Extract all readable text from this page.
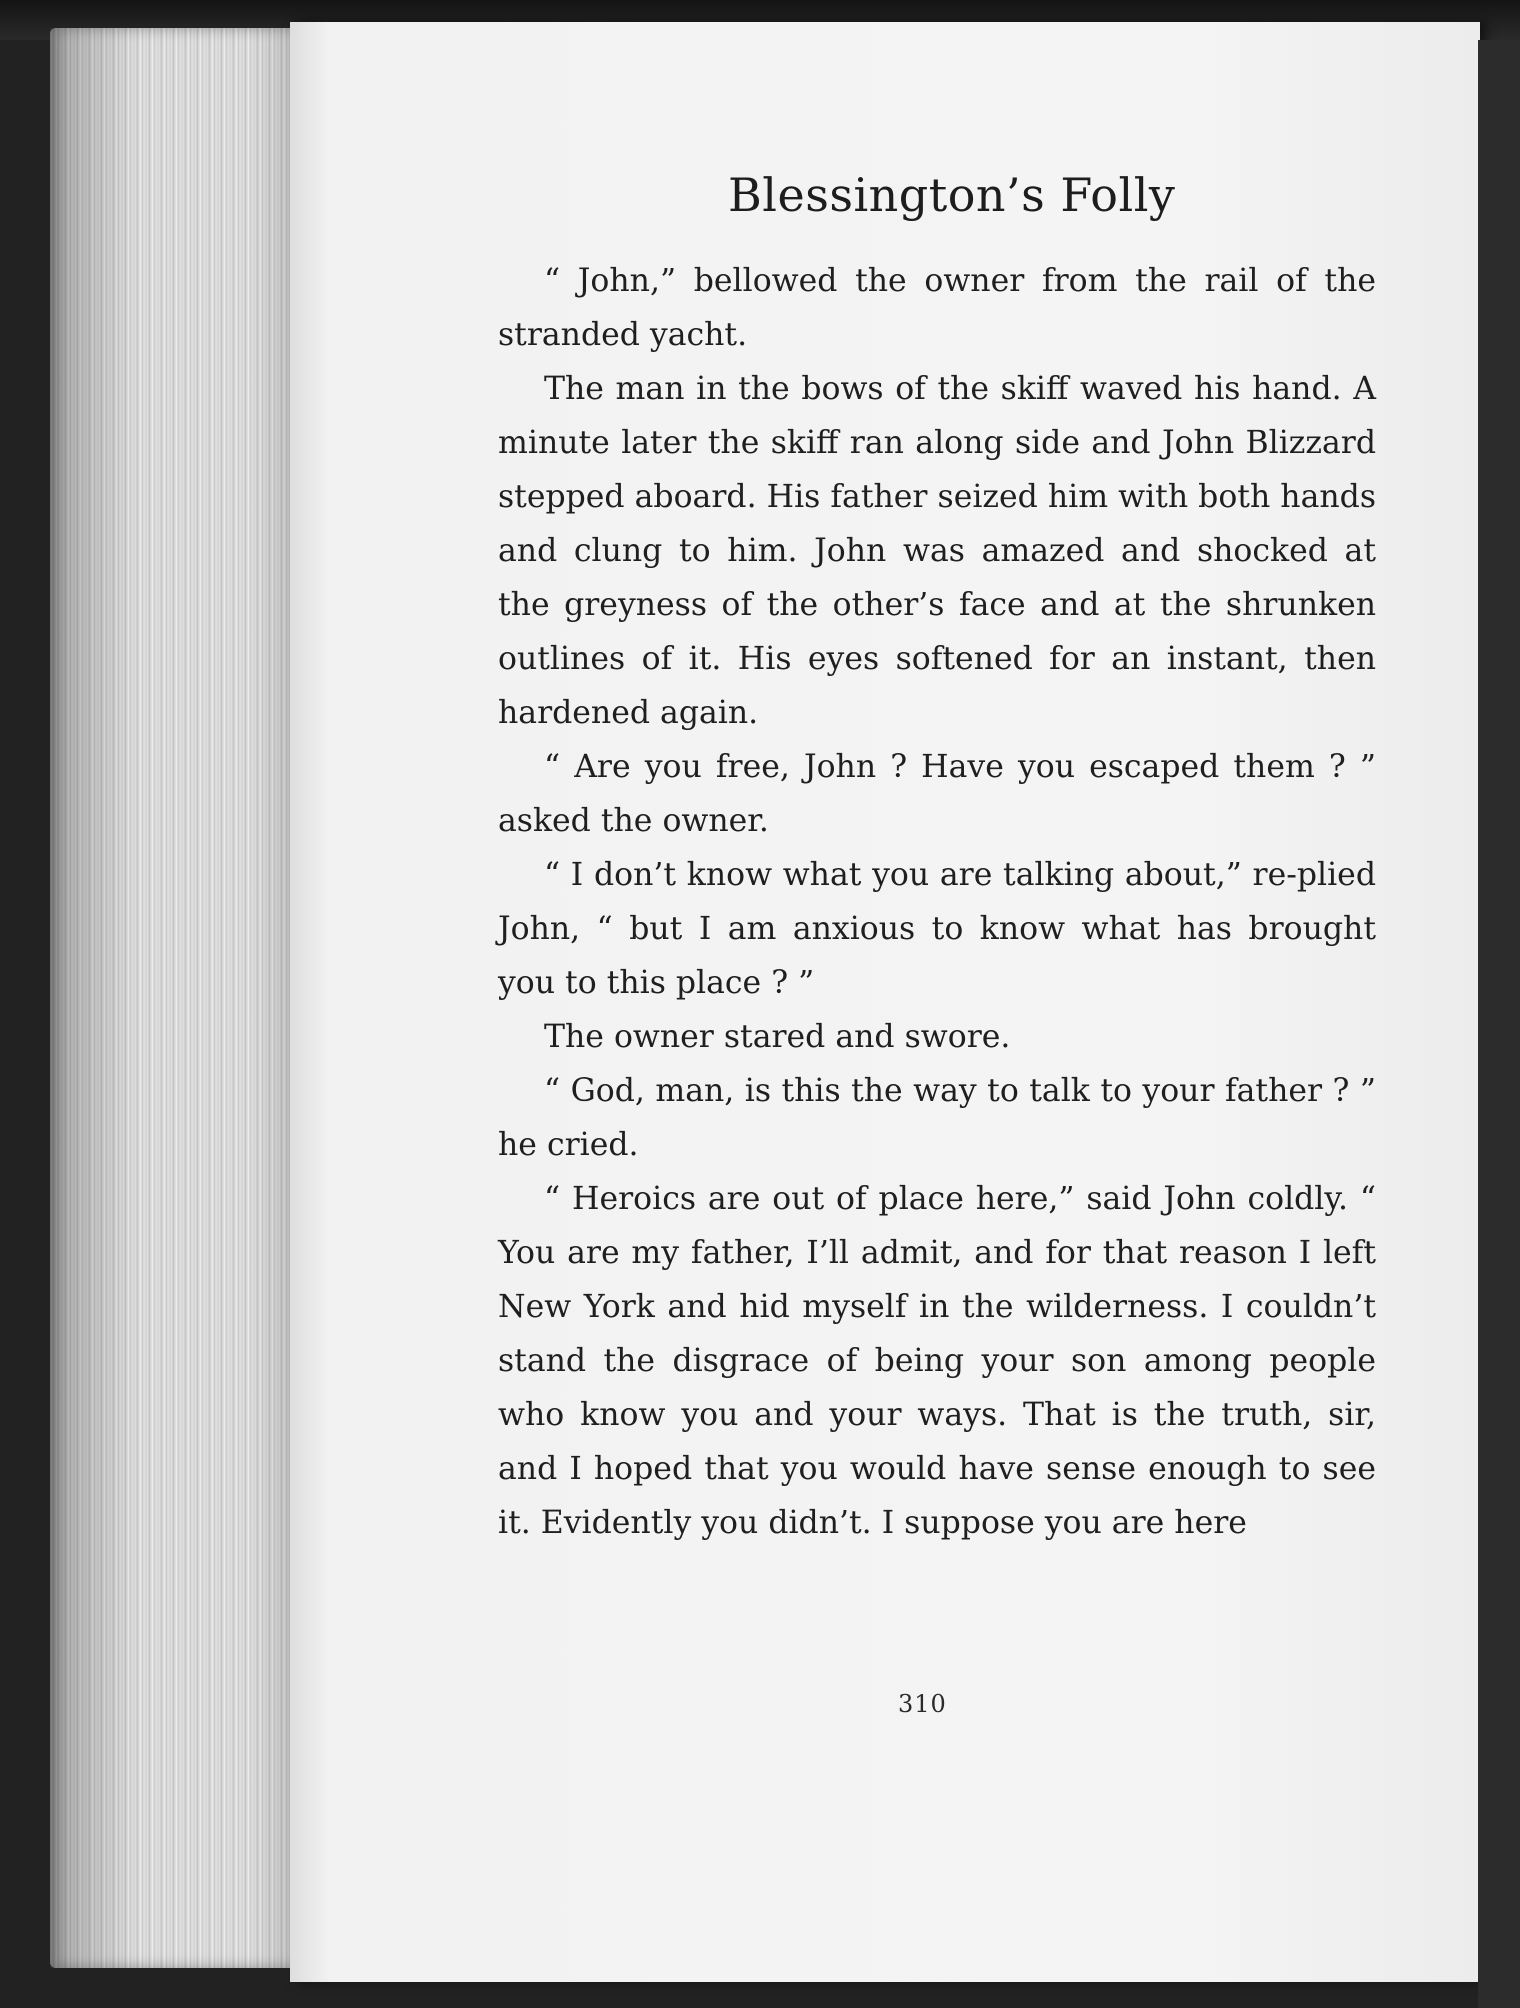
Blessington’s Folly

“ John,” bellowed the owner from the rail of the stranded yacht.

The man in the bows of the skiff waved his hand. A minute later the skiff ran along side and John Blizzard stepped aboard. His father seized him with both hands and clung to him. John was amazed and shocked at the greyness of the other’s face and at the shrunken outlines of it. His eyes softened for an instant, then hardened again.

“ Are you free, John ? Have you escaped them ? ” asked the owner.

“ I don’t know what you are talking about,” re-plied John, “ but I am anxious to know what has brought you to this place ? ”

The owner stared and swore.

“ God, man, is this the way to talk to your father ? ” he cried.

“ Heroics are out of place here,” said John coldly. “ You are my father, I’ll admit, and for that reason I left New York and hid myself in the wilderness. I couldn’t stand the disgrace of being your son among people who know you and your ways. That is the truth, sir, and I hoped that you would have sense enough to see it. Evidently you didn’t. I suppose you are here

310
